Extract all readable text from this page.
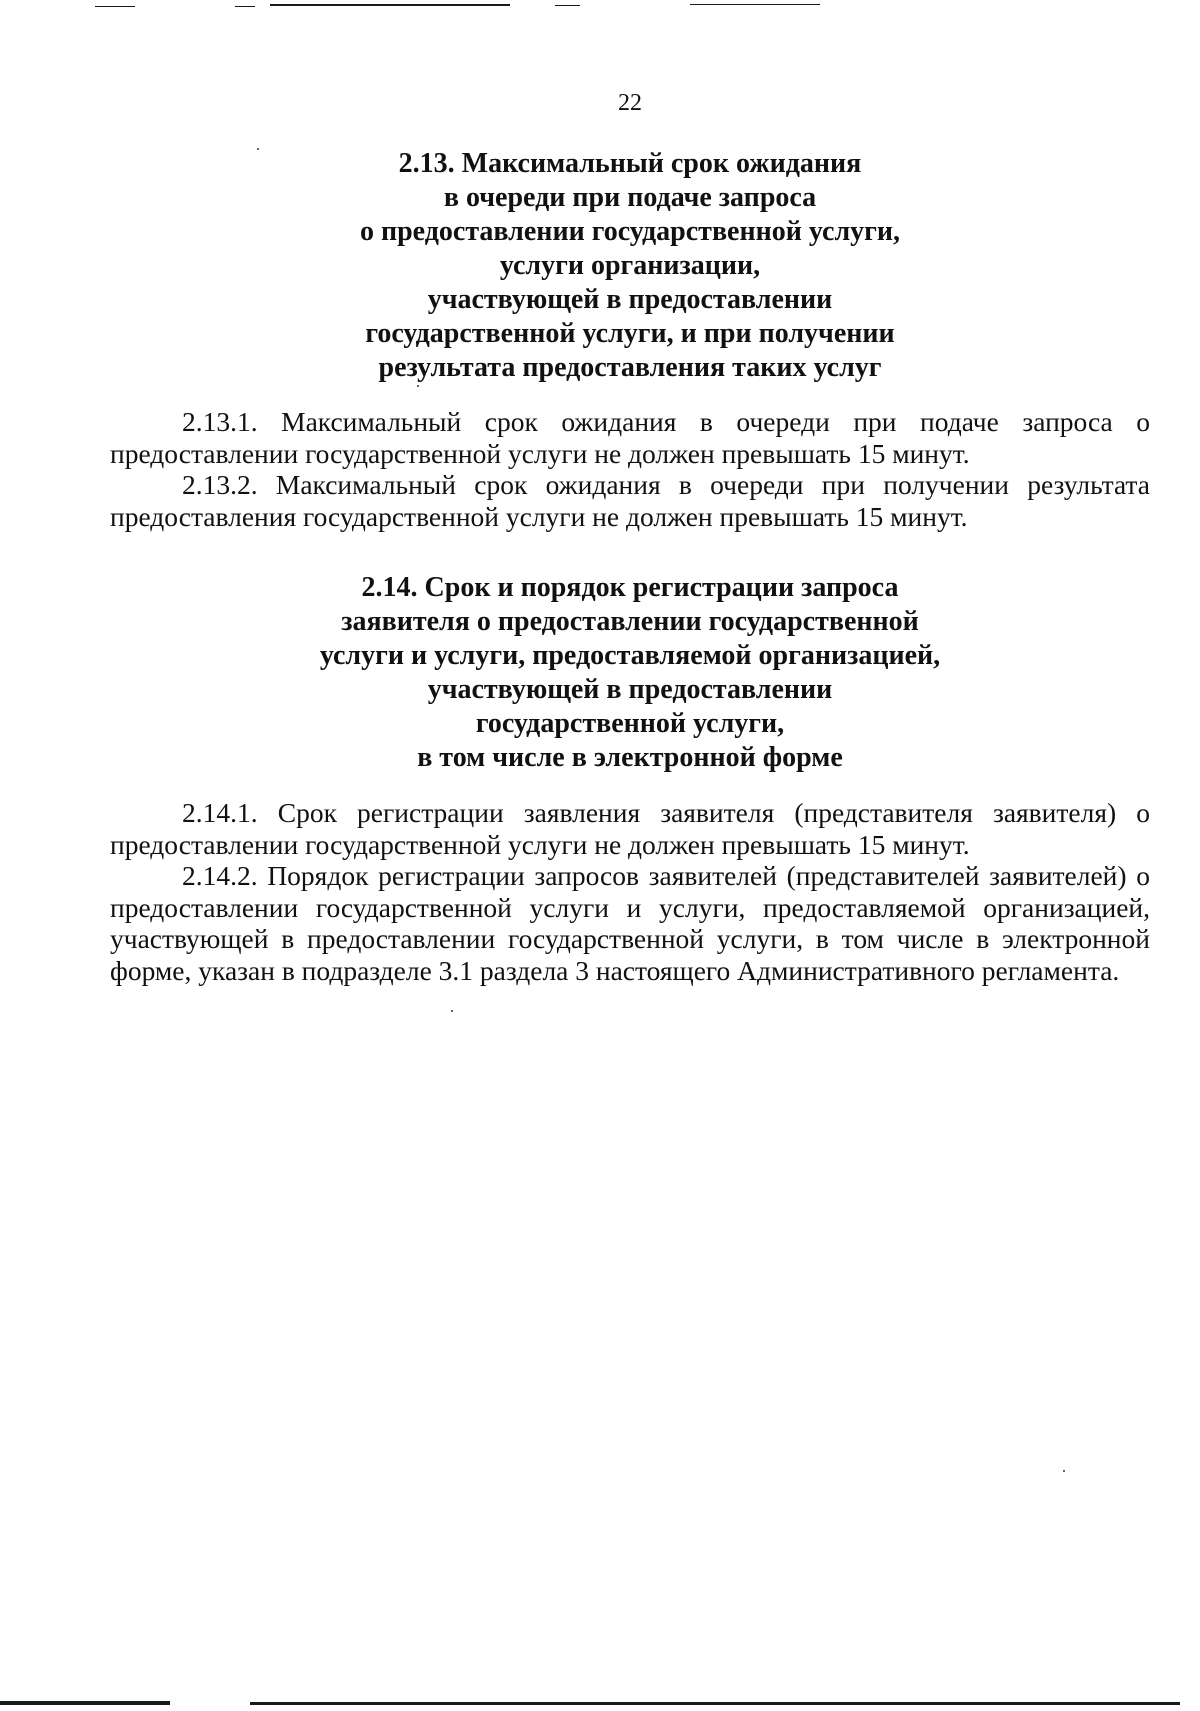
22
2.13. Максимальный срок ожидания
в очереди при подаче запроса
о предоставлении государственной услуги,
услуги организации,
участвующей в предоставлении
государственной услуги, и при получении
результата предоставления таких услуг

2.13.1. Максимальный срок ожидания в очереди при подаче запроса о предоставлении государственной услуги не должен превышать 15 минут.

2.13.2. Максимальный срок ожидания в очереди при получении результата предоставления государственной услуги не должен превышать 15 минут.

2.14. Срок и порядок регистрации запроса
заявителя о предоставлении государственной
услуги и услуги, предоставляемой организацией,
участвующей в предоставлении
государственной услуги,
в том числе в электронной форме

2.14.1. Срок регистрации заявления заявителя (представителя заявителя) о предоставлении государственной услуги не должен превышать 15 минут.

2.14.2. Порядок регистрации запросов заявителей (представителей заявителей) о предоставлении государственной услуги и услуги, предоставляемой организацией, участвующей в предоставлении государственной услуги, в том числе в электронной форме, указан в подразделе 3.1 раздела 3 настоящего Административного регламента.
